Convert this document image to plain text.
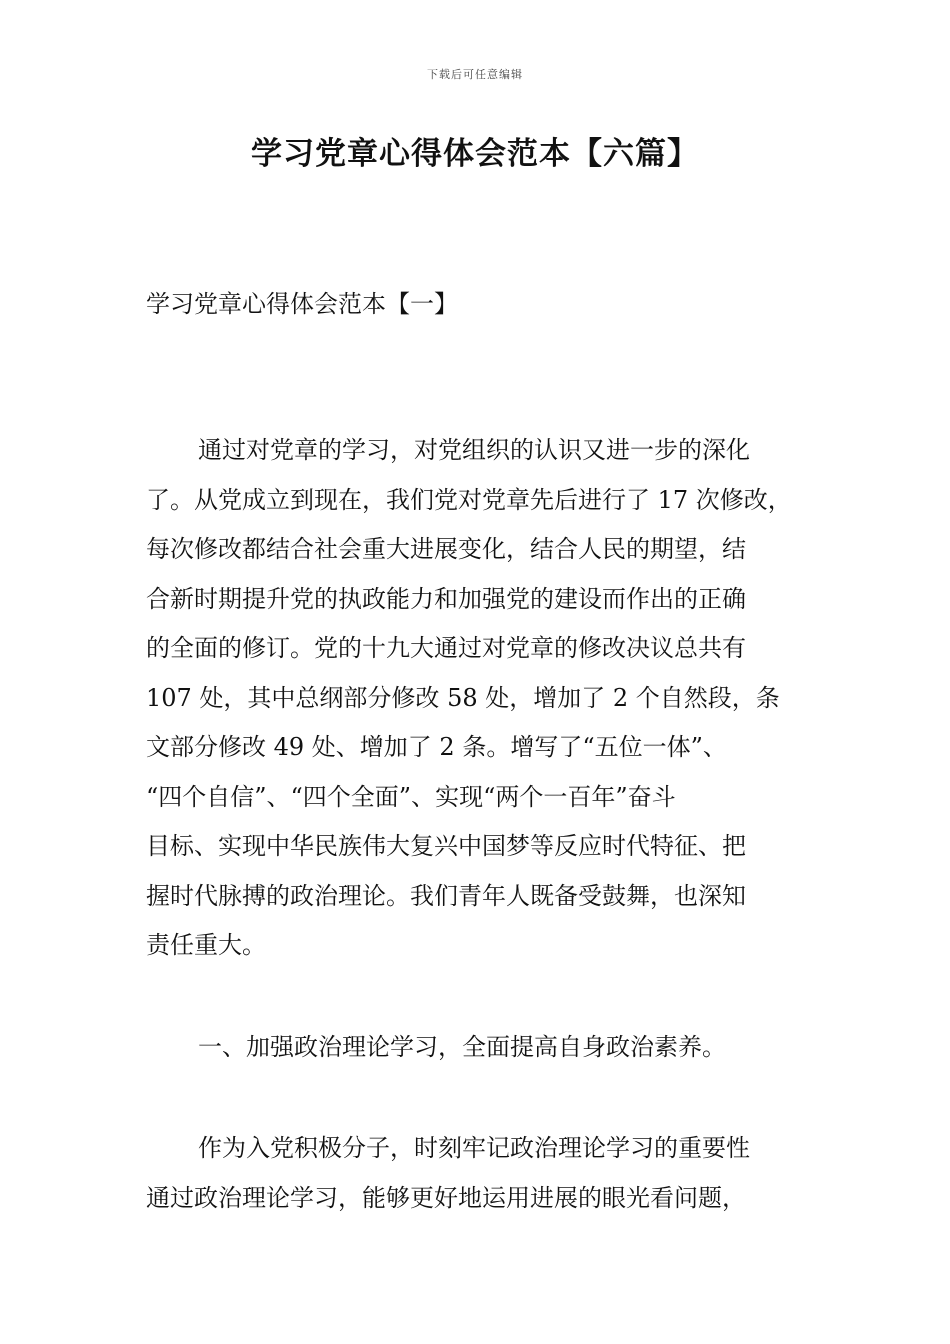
下载后可任意编辑
学习党章心得体会范本【六篇】
学习党章心得体会范本【一】
通过对党章的学习，对党组织的认识又进一步的深化
了。从党成立到现在，我们党对党章先后进行了 17 次修改，
每次修改都结合社会重大进展变化，结合人民的期望，结
合新时期提升党的执政能力和加强党的建设而作出的正确
的全面的修订。党的十九大通过对党章的修改决议总共有
107 处，其中总纲部分修改 58 处，增加了 2 个自然段，条
文部分修改 49 处、增加了 2 条。增写了“五位一体”、
“四个自信”、“四个全面”、实现“两个一百年”奋斗
目标、实现中华民族伟大复兴中国梦等反应时代特征、把
握时代脉搏的政治理论。我们青年人既备受鼓舞，也深知
责任重大。
一、加强政治理论学习，全面提高自身政治素养。
作为入党积极分子，时刻牢记政治理论学习的重要性
通过政治理论学习，能够更好地运用进展的眼光看问题，
